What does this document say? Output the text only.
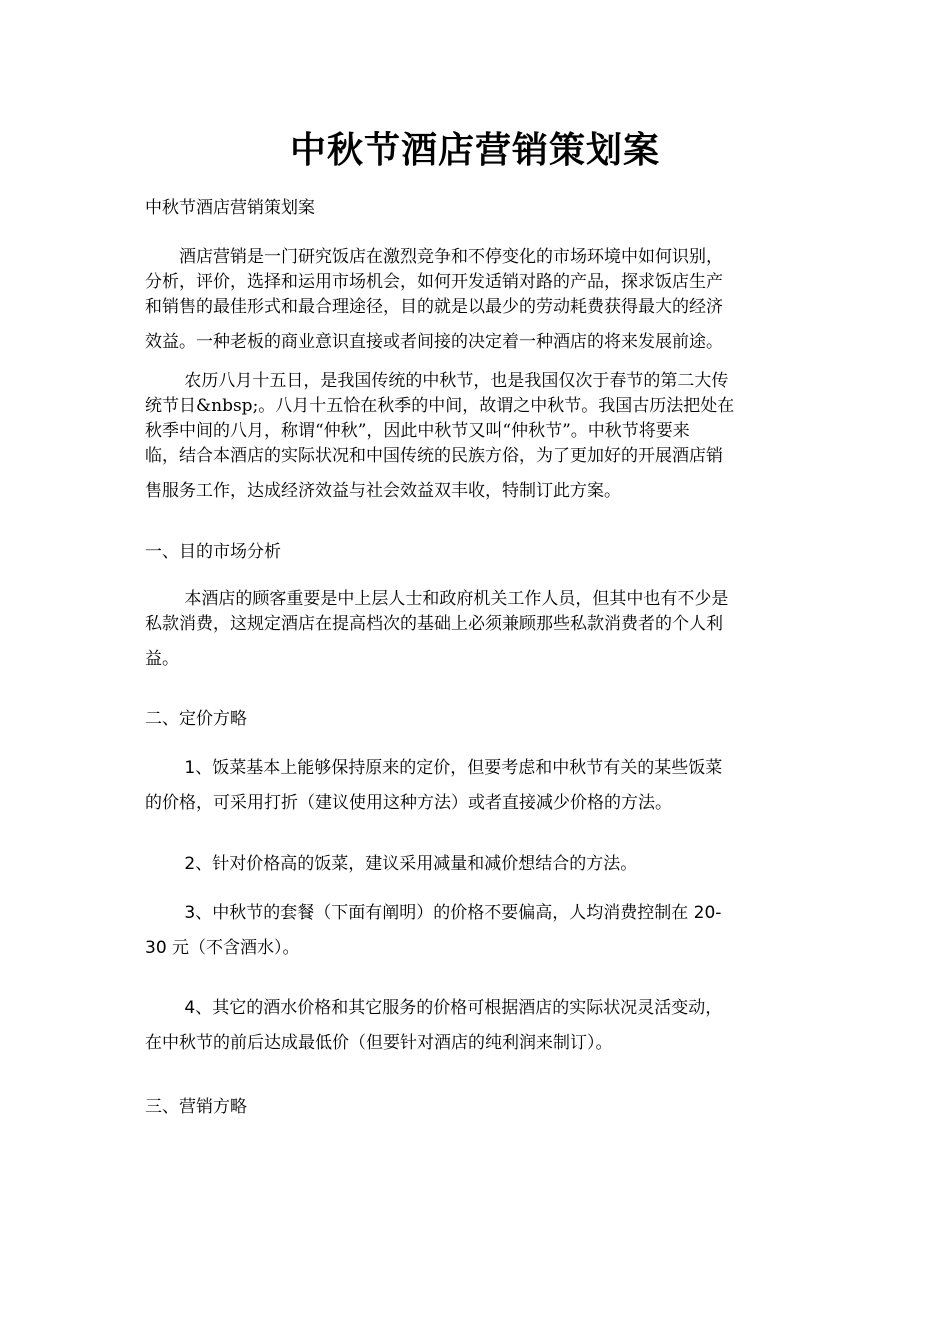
中秋节酒店营销策划案
中秋节酒店营销策划案
　　酒店营销是一门研究饭店在激烈竞争和不停变化的市场环境中如何识别，
分析，评价，选择和运用市场机会，如何开发适销对路的产品，探求饭店生产
和销售的最佳形式和最合理途径，目的就是以最少的劳动耗费获得最大的经济
效益。一种老板的商业意识直接或者间接的决定着一种酒店的将来发展前途。
　　 农历八月十五日，是我国传统的中秋节，也是我国仅次于春节的第二大传
统节日&nbsp;。八月十五恰在秋季的中间，故谓之中秋节。我国古历法把处在
秋季中间的八月，称谓“仲秋”，因此中秋节又叫“仲秋节”。中秋节将要来
临，结合本酒店的实际状况和中国传统的民族方俗，为了更加好的开展酒店销
售服务工作，达成经济效益与社会效益双丰收，特制订此方案。
一、目的市场分析
　　 本酒店的顾客重要是中上层人士和政府机关工作人员，但其中也有不少是
私款消费，这规定酒店在提高档次的基础上必须兼顾那些私款消费者的个人利
益。
二、定价方略
　　 1、饭菜基本上能够保持原来的定价，但要考虑和中秋节有关的某些饭菜
的价格，可采用打折（建议使用这种方法）或者直接减少价格的方法。
　　 2、针对价格高的饭菜，建议采用减量和减价想结合的方法。
　　 3、中秋节的套餐（下面有阐明）的价格不要偏高，人均消费控制在 20-
30 元（不含酒水）。
　　 4、其它的酒水价格和其它服务的价格可根据酒店的实际状况灵活变动，
在中秋节的前后达成最低价（但要针对酒店的纯利润来制订）。
三、营销方略
